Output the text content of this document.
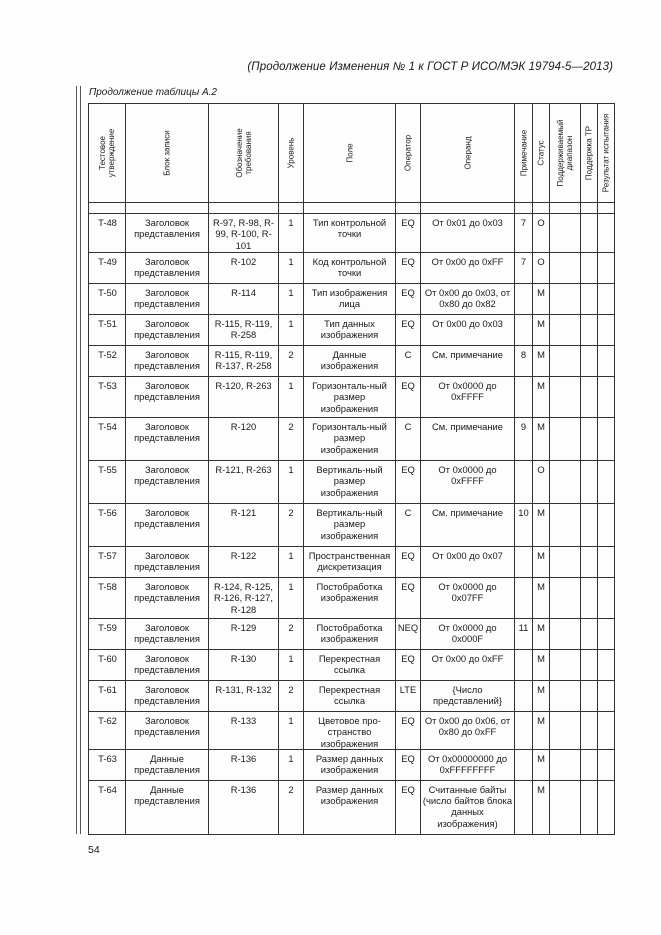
(Продолжение Изменения № 1 к ГОСТ Р ИСО/МЭК 19794-5—2013)
Продолжение таблицы А.2
Тестовое утверждение	Блок записи	Обозначение требования	Уровень	Поле	Оператор	Операнд	Примечание	Статус	Поддерживаемый диапазон	Поддержка TP	Результат испытания

T-48	Заголовок представления	R-97, R-98, R-99, R-100, R-101	1	Тип контрольной точки	EQ	От 0x01 до 0x03	7	O			
T-49	Заголовок представления	R-102	1	Код контрольной точки	EQ	От 0x00 до 0xFF	7	O			
T-50	Заголовок представления	R-114	1	Тип изображения лица	EQ	От 0x00 до 0x03, от 0x80 до 0x82		M			
T-51	Заголовок представления	R-115, R-119, R-258	1	Тип данных изображения	EQ	От 0x00 до 0x03		M			
T-52	Заголовок представления	R-115, R-119, R-137, R-258	2	Данные изображения	C	См. примечание	8	M			
T-53	Заголовок представления	R-120, R-263	1	Горизонталь-ный размер изображения	EQ	От 0x0000 до 0xFFFF		M			
T-54	Заголовок представления	R-120	2	Горизонталь-ный размер изображения	C	См. примечание	9	M			
T-55	Заголовок представления	R-121, R-263	1	Вертикаль-ный размер изображения	EQ	От 0x0000 до 0xFFFF		O			
T-56	Заголовок представления	R-121	2	Вертикаль-ный размер изображения	C	См. примечание	10	M			
T-57	Заголовок представления	R-122	1	Пространственная дискретизация	EQ	От 0x00 до 0x07		M			
T-58	Заголовок представления	R-124, R-125, R-126, R-127, R-128	1	Постобработка изображения	EQ	От 0x0000 до 0x07FF		M			
T-59	Заголовок представления	R-129	2	Постобработка изображения	NEQ	От 0x0000 до 0x000F	11	M			
T-60	Заголовок представления	R-130	1	Перекрестная ссылка	EQ	От 0x00 до 0xFF		M			
T-61	Заголовок представления	R-131, R-132	2	Перекрестная ссылка	LTE	{Число представлений}		M			
T-62	Заголовок представления	R-133	1	Цветовое про-странство изображения	EQ	От 0x00 до 0x06, от 0x80 до 0xFF		M			
T-63	Данные представления	R-136	1	Размер данных изображения	EQ	От 0x00000000 до 0xFFFFFFFF		M			
T-64	Данные представления	R-136	2	Размер данных изображения	EQ	Считанные байты (число байтов блока данных изображения)		M			
54
